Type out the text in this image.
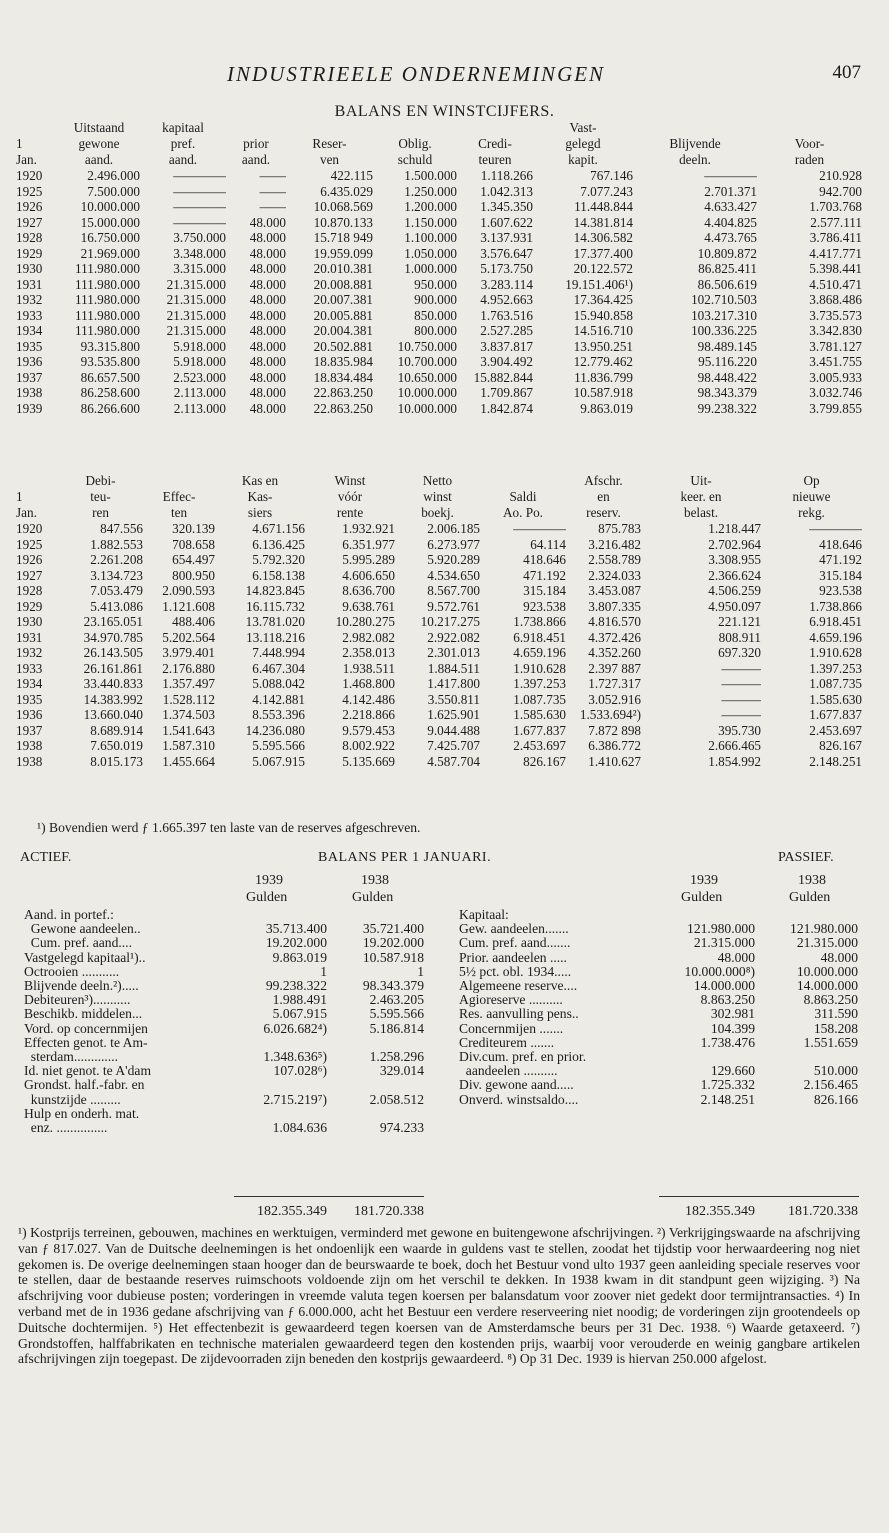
INDUSTRIEELE ONDERNEMINGEN	407
BALANS EN WINSTCIJFERS.
	Uitstaand	kapitaal					Vast-		
1	gewone	pref.	prior	Reser-	Oblig.	Credi-	gelegd	Blijvende	Voor-
Jan.	aand.	aand.	aand.	ven	schuld	teuren	kapit.	deeln.	raden
1920	2.496.000	————	——	422.115	1.500.000	1.118.266	767.146	————	210.928
1925	7.500.000	————	——	6.435.029	1.250.000	1.042.313	7.077.243	2.701.371	942.700
1926	10.000.000	————	——	10.068.569	1.200.000	1.345.350	11.448.844	4.633.427	1.703.768
1927	15.000.000	————	48.000	10.870.133	1.150.000	1.607.622	14.381.814	4.404.825	2.577.111
1928	16.750.000	3.750.000	48.000	15.718 949	1.100.000	3.137.931	14.306.582	4.473.765	3.786.411
1929	21.969.000	3.348.000	48.000	19.959.099	1.050.000	3.576.647	17.377.400	10.809.872	4.417.771
1930	111.980.000	3.315.000	48.000	20.010.381	1.000.000	5.173.750	20.122.572	86.825.411	5.398.441
1931	111.980.000	21.315.000	48.000	20.008.881	950.000	3.283.114	19.151.406¹)	86.506.619	4.510.471
1932	111.980.000	21.315.000	48.000	20.007.381	900.000	4.952.663	17.364.425	102.710.503	3.868.486
1933	111.980.000	21.315.000	48.000	20.005.881	850.000	1.763.516	15.940.858	103.217.310	3.735.573
1934	111.980.000	21.315.000	48.000	20.004.381	800.000	2.527.285	14.516.710	100.336.225	3.342.830
1935	93.315.800	5.918.000	48.000	20.502.881	10.750.000	3.837.817	13.950.251	98.489.145	3.781.127
1936	93.535.800	5.918.000	48.000	18.835.984	10.700.000	3.904.492	12.779.462	95.116.220	3.451.755
1937	86.657.500	2.523.000	48.000	18.834.484	10.650.000	15.882.844	11.836.799	98.448.422	3.005.933
1938	86.258.600	2.113.000	48.000	22.863.250	10.000.000	1.709.867	10.587.918	98.343.379	3.032.746
1939	86.266.600	2.113.000	48.000	22.863.250	10.000.000	1.842.874	9.863.019	99.238.322	3.799.855
	Debi-		Kas en	Winst	Netto		Afschr.	Uit-	Op
1	teu-	Effec-	Kas-	vóór	winst	Saldi	en	keer. en	nieuwe
Jan.	ren	ten	siers	rente	boekj.	Ao. Po.	reserv.	belast.	rekg.
1920	847.556	320.139	4.671.156	1.932.921	2.006.185	————	875.783	1.218.447	————
1925	1.882.553	708.658	6.136.425	6.351.977	6.273.977	64.114	3.216.482	2.702.964	418.646
1926	2.261.208	654.497	5.792.320	5.995.289	5.920.289	418.646	2.558.789	3.308.955	471.192
1927	3.134.723	800.950	6.158.138	4.606.650	4.534.650	471.192	2.324.033	2.366.624	315.184
1928	7.053.479	2.090.593	14.823.845	8.636.700	8.567.700	315.184	3.453.087	4.506.259	923.538
1929	5.413.086	1.121.608	16.115.732	9.638.761	9.572.761	923.538	3.807.335	4.950.097	1.738.866
1930	23.165.051	488.406	13.781.020	10.280.275	10.217.275	1.738.866	4.816.570	221.121	6.918.451
1931	34.970.785	5.202.564	13.118.216	2.982.082	2.922.082	6.918.451	4.372.426	808.911	4.659.196
1932	26.143.505	3.979.401	7.448.994	2.358.013	2.301.013	4.659.196	4.352.260	697.320	1.910.628
1933	26.161.861	2.176.880	6.467.304	1.938.511	1.884.511	1.910.628	2.397 887	———	1.397.253
1934	33.440.833	1.357.497	5.088.042	1.468.800	1.417.800	1.397.253	1.727.317	———	1.087.735
1935	14.383.992	1.528.112	4.142.881	4.142.486	3.550.811	1.087.735	3.052.916	———	1.585.630
1936	13.660.040	1.374.503	8.553.396	2.218.866	1.625.901	1.585.630	1.533.694²)	———	1.677.837
1937	8.689.914	1.541.643	14.236.080	9.579.453	9.044.488	1.677.837	7.872 898	395.730	2.453.697
1938	7.650.019	1.587.310	5.595.566	8.002.922	7.425.707	2.453.697	6.386.772	2.666.465	826.167
1938	8.015.173	1.455.664	5.067.915	5.135.669	4.587.704	826.167	1.410.627	1.854.992	2.148.251
¹) Bovendien werd ƒ 1.665.397 ten laste van de reserves afgeschreven.
ACTIEF.	BALANS PER 1 JANUARI.	PASSIEF.
1939	1938
Gulden	Gulden
1939	1938
Gulden	Gulden
Aand. in portef.:		
Gewone aandeelen..	35.713.400	35.721.400
Cum. pref. aand....	19.202.000	19.202.000
Vastgelegd kapitaal¹)..	9.863.019	10.587.918
Octrooien ...........	1	1
Blijvende deeln.²).....	99.238.322	98.343.379
Debiteuren³)...........	1.988.491	2.463.205
Beschikb. middelen...	5.067.915	5.595.566
Vord. op concernmijen	6.026.682⁴)	5.186.814
Effecten genot. te Am-		
sterdam.............	1.348.636⁵)	1.258.296
Id. niet genot. te A'dam	107.028⁶)	329.014
Grondst. half.-fabr. en		
kunstzijde .........	2.715.219⁷)	2.058.512
Hulp en onderh. mat.		
enz. ...............	1.084.636	974.233
Kapitaal:		
Gew. aandeelen.......	121.980.000	121.980.000
Cum. pref. aand.......	21.315.000	21.315.000
Prior. aandeelen .....	48.000	48.000
5½ pct. obl. 1934.....	10.000.000⁸)	10.000.000
Algemeene reserve....	14.000.000	14.000.000
Agioreserve ..........	8.863.250	8.863.250
Res. aanvulling pens..	302.981	311.590
Concernmijen .......	104.399	158.208
Crediteurem .......	1.738.476	1.551.659
Div.cum. pref. en prior.		
aandeelen ..........	129.660	510.000
Div. gewone aand.....	1.725.332	2.156.465
Onverd. winstsaldo....	2.148.251	826.166
182.355.349	181.720.338	182.355.349	181.720.338

¹) Kostprijs terreinen, gebouwen, machines en werktuigen, verminderd met gewone en buitengewone afschrijvingen. ²) Verkrijgingswaarde na afschrijving van ƒ 817.027. Van de Duitsche deelnemingen is het ondoenlijk een waarde in guldens vast te stellen, zoodat het tijdstip voor herwaardeering nog niet gekomen is. De overige deelnemingen staan hooger dan de beurswaarde te boek, doch het Bestuur vond ulto 1937 geen aanleiding speciale reserves voor te stellen, daar de bestaande reserves ruimschoots voldoende zijn om het verschil te dekken. In 1938 kwam in dit standpunt geen wijziging. ³) Na afschrijving voor dubieuse posten; vorderingen in vreemde valuta tegen koersen per balansdatum voor zoover niet gedekt door termijntransacties. ⁴) In verband met de in 1936 gedane afschrijving van ƒ 6.000.000, acht het Bestuur een verdere reserveering niet noodig; de vorderingen zijn grootendeels op Duitsche dochtermijen. ⁵) Het effectenbezit is gewaardeerd tegen koersen van de Amsterdamsche beurs per 31 Dec. 1938. ⁶) Waarde getaxeerd. ⁷) Grondstoffen, halffabrikaten en technische materialen gewaardeerd tegen den kostenden prijs, waarbij voor verouderde en weinig gangbare artikelen afschrijvingen zijn toegepast. De zijdevoorraden zijn beneden den kostprijs gewaardeerd. ⁸) Op 31 Dec. 1939 is hiervan 250.000 afgelost.
